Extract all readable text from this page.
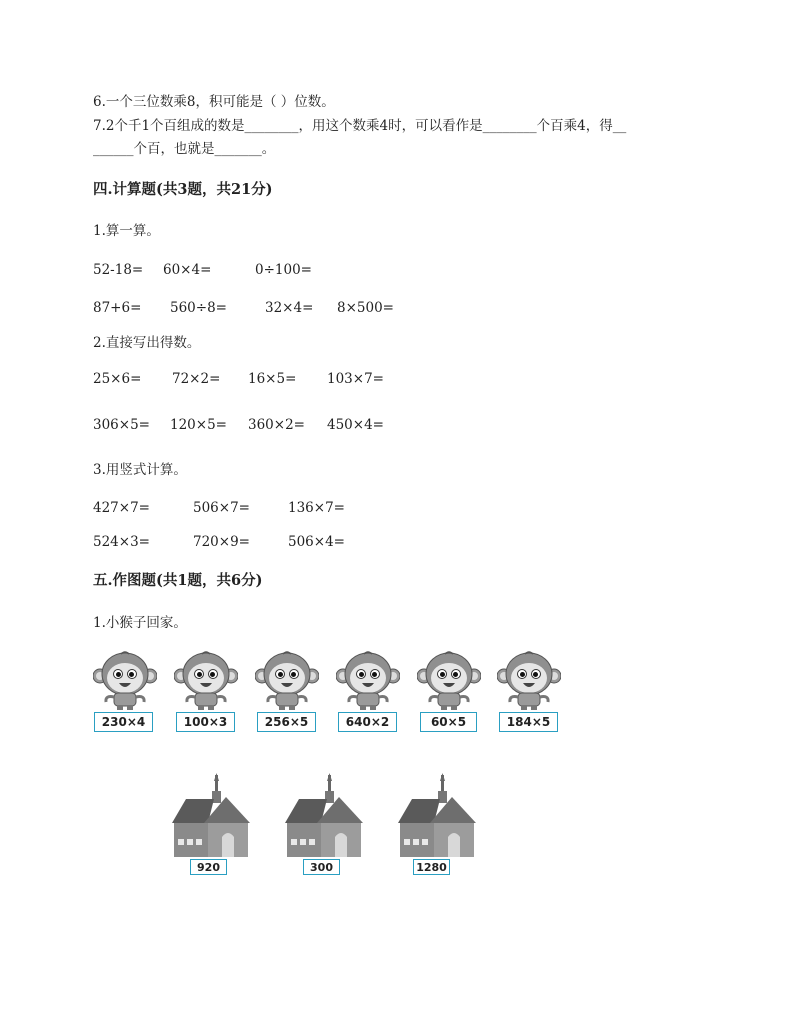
6.一个三位数乘8，积可能是（ ）位数。
7.2个千1个百组成的数是________，用这个数乘4时，可以看作是________个百乘4，得__
______个百，也就是_______。
四.计算题(共3题，共21分)
1.算一算。
52-18= 60×4=	0÷100=
87+6= 560÷8=	32×4= 8×500=
2.直接写出得数。
25×6= 72×2= 16×5= 103×7=
306×5= 120×5= 360×2= 450×4=
3.用竖式计算。
427×7=	506×7=	136×7=
524×3=	720×9=	506×4=
五.作图题(共1题，共6分)
1.小猴子回家。
230×4	100×3	256×5	640×2	60×5	184×5
920	300	1280
